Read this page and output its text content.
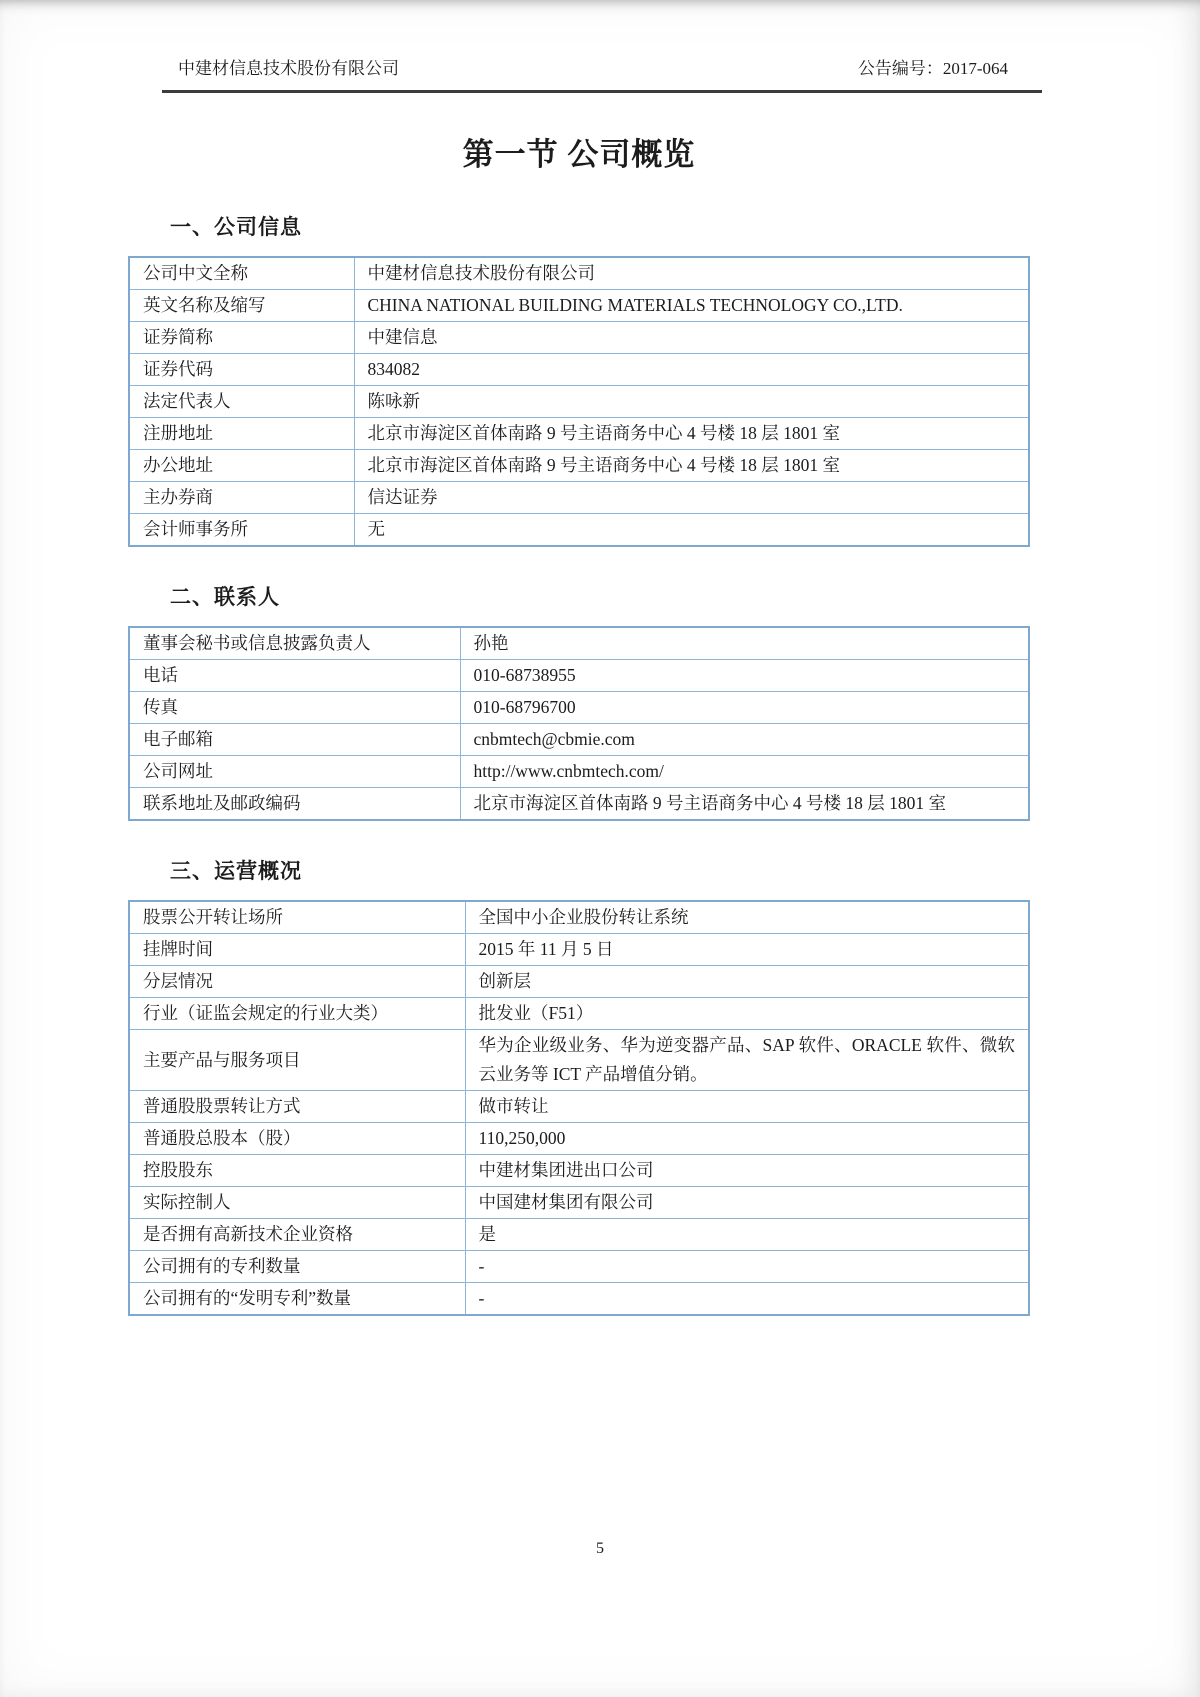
中建材信息技术股份有限公司	公告编号：2017-064
第一节 公司概览
一、公司信息
公司中文全称	中建材信息技术股份有限公司
英文名称及缩写	CHINA NATIONAL BUILDING MATERIALS TECHNOLOGY CO.,LTD.
证券简称	中建信息
证券代码	834082
法定代表人	陈咏新
注册地址	北京市海淀区首体南路 9 号主语商务中心 4 号楼 18 层 1801 室
办公地址	北京市海淀区首体南路 9 号主语商务中心 4 号楼 18 层 1801 室
主办券商	信达证券
会计师事务所	无
二、联系人
董事会秘书或信息披露负责人	孙艳
电话	010-68738955
传真	010-68796700
电子邮箱	cnbmtech@cbmie.com
公司网址	http://www.cnbmtech.com/
联系地址及邮政编码	北京市海淀区首体南路 9 号主语商务中心 4 号楼 18 层 1801 室
三、运营概况
股票公开转让场所	全国中小企业股份转让系统
挂牌时间	2015 年 11 月 5 日
分层情况	创新层
行业（证监会规定的行业大类）	批发业（F51）
主要产品与服务项目	华为企业级业务、华为逆变器产品、SAP 软件、ORACLE 软件、微软云业务等 ICT 产品增值分销。
普通股股票转让方式	做市转让
普通股总股本（股）	110,250,000
控股股东	中建材集团进出口公司
实际控制人	中国建材集团有限公司
是否拥有高新技术企业资格	是
公司拥有的专利数量	-
公司拥有的“发明专利”数量	-
5
